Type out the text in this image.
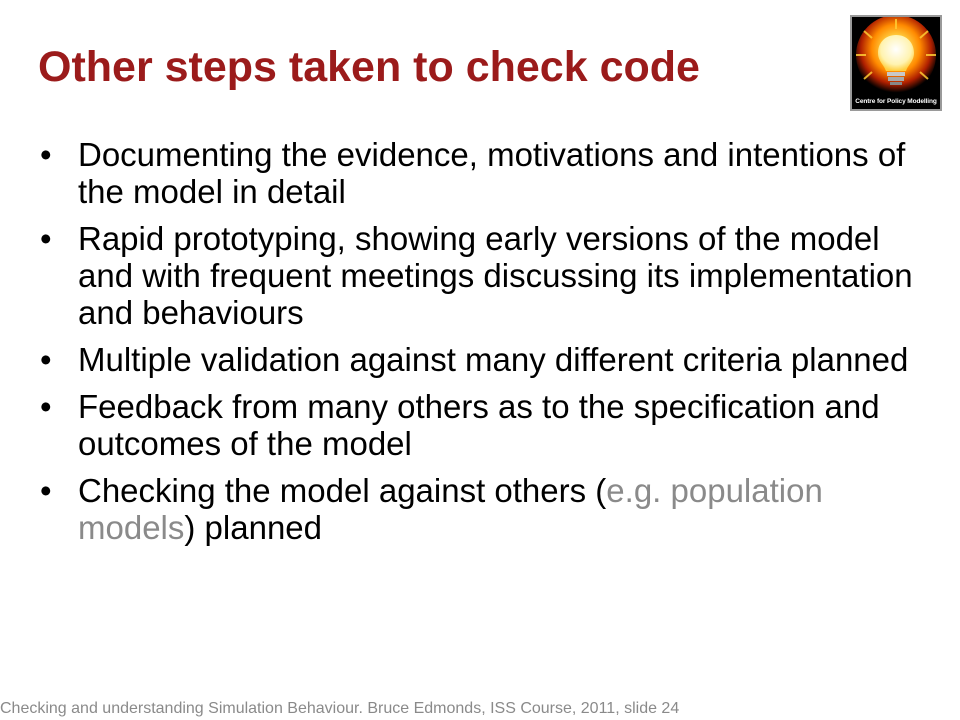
Other steps taken to check code
Centre for Policy Modelling
• Documenting the evidence, motivations and intentions of the model in detail
• Rapid prototyping, showing early versions of the model and with frequent meetings discussing its implementation and behaviours
• Multiple validation against many different criteria planned
• Feedback from many others as to the specification and outcomes of the model
• Checking the model against others (e.g. population models) planned
Checking and understanding Simulation Behaviour. Bruce Edmonds, ISS Course, 2011, slide 24
